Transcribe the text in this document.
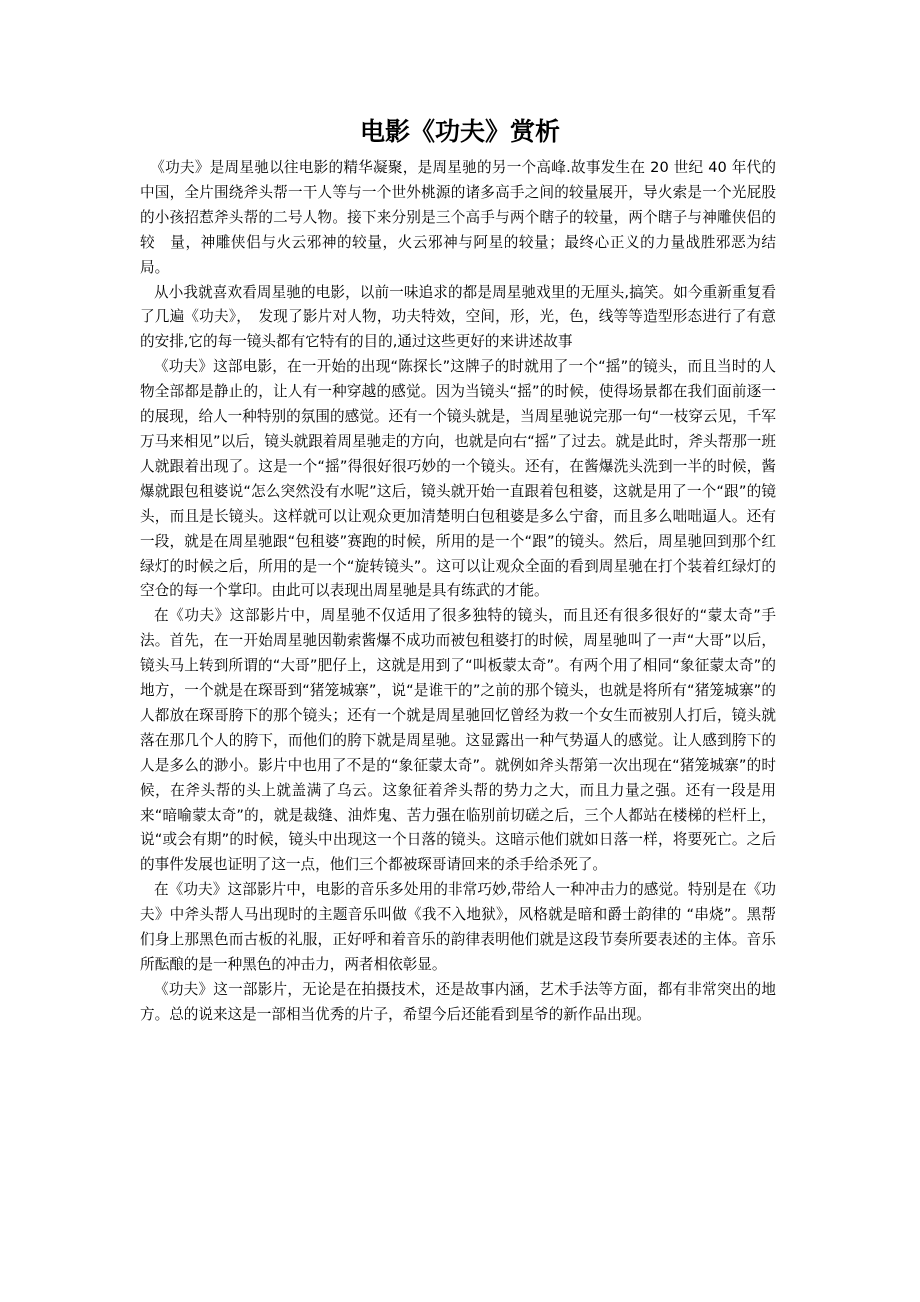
电影《功夫》赏析

《功夫》是周星驰以往电影的精华凝聚，是周星驰的另一个高峰.故事发生在 20 世纪 40 年代的中国，全片围绕斧头帮一干人等与一个世外桃源的诸多高手之间的较量展开，导火索是一个光屁股的小孩招惹斧头帮的二号人物。接下来分别是三个高手与两个瞎子的较量，两个瞎子与神雕侠侣的较　量，神雕侠侣与火云邪神的较量，火云邪神与阿星的较量；最终心正义的力量战胜邪恶为结局。

从小我就喜欢看周星驰的电影，以前一味追求的都是周星驰戏里的无厘头,搞笑。如今重新重复看了几遍《功夫》，　发现了影片对人物，功夫特效，空间，形，光，色，线等等造型形态进行了有意的安排,它的每一镜头都有它特有的目的,通过这些更好的来讲述故事

《功夫》这部电影，在一开始的出现“陈探长”这牌子的时就用了一个“摇”的镜头，而且当时的人物全部都是静止的，让人有一种穿越的感觉。因为当镜头“摇”的时候，使得场景都在我们面前逐一的展现，给人一种特别的氛围的感觉。还有一个镜头就是，当周星驰说完那一句“一枝穿云见，千军万马来相见”以后，镜头就跟着周星驰走的方向，也就是向右“摇”了过去。就是此时，斧头帮那一班人就跟着出现了。这是一个“摇”得很好很巧妙的一个镜头。还有，在酱爆洗头洗到一半的时候，酱爆就跟包租婆说“怎么突然没有水呢”这后，镜头就开始一直跟着包租婆，这就是用了一个“跟”的镜头，而且是长镜头。这样就可以让观众更加清楚明白包租婆是多么宁畲，而且多么咄咄逼人。还有一段，就是在周星驰跟“包租婆”赛跑的时候，所用的是一个“跟”的镜头。然后，周星驰回到那个红绿灯的时候之后，所用的是一个“旋转镜头”。这可以让观众全面的看到周星驰在打个装着红绿灯的空仓的每一个掌印。由此可以表现出周星驰是具有练武的才能。

在《功夫》这部影片中，周星驰不仅适用了很多独特的镜头，而且还有很多很好的“蒙太奇”手法。首先，在一开始周星驰因勒索酱爆不成功而被包租婆打的时候，周星驰叫了一声“大哥”以后，镜头马上转到所谓的“大哥”肥仔上，这就是用到了“叫板蒙太奇”。有两个用了相同“象征蒙太奇”的地方，一个就是在琛哥到“猪笼城寨”，说“是谁干的”之前的那个镜头，也就是将所有“猪笼城寨”的人都放在琛哥胯下的那个镜头；还有一个就是周星驰回忆曾经为救一个女生而被别人打后，镜头就落在那几个人的胯下，而他们的胯下就是周星驰。这显露出一种气势逼人的感觉。让人感到胯下的人是多么的渺小。影片中也用了不是的“象征蒙太奇”。就例如斧头帮第一次出现在“猪笼城寨”的时候，在斧头帮的头上就盖满了乌云。这象征着斧头帮的势力之大，而且力量之强。还有一段是用来“暗喻蒙太奇”的，就是裁缝、油炸鬼、苦力强在临别前切磋之后，三个人都站在楼梯的栏杆上，说“或会有期”的时候，镜头中出现这一个日落的镜头。这暗示他们就如日落一样，将要死亡。之后的事件发展也证明了这一点，他们三个都被琛哥请回来的杀手给杀死了。

在《功夫》这部影片中，电影的音乐多处用的非常巧妙,带给人一种冲击力的感觉。特别是在《功夫》中斧头帮人马出现时的主题音乐叫做《我不入地狱》，风格就是暗和爵士韵律的 “串烧”。黑帮们身上那黑色而古板的礼服，正好呼和着音乐的韵律表明他们就是这段节奏所要表述的主体。音乐所酝酿的是一种黑色的冲击力，两者相依彰显。

《功夫》这一部影片，无论是在拍摄技术，还是故事内涵，艺术手法等方面，都有非常突出的地方。总的说来这是一部相当优秀的片子，希望今后还能看到星爷的新作品出现。
